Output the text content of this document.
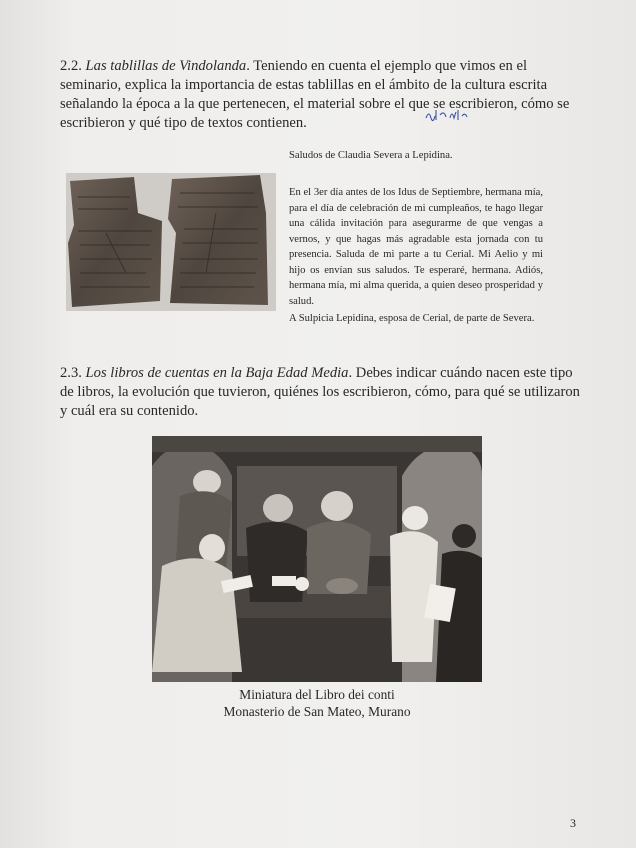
2.2. Las tablillas de Vindolanda. Teniendo en cuenta el ejemplo que vimos en el seminario, explica la importancia de estas tablillas en el ámbito de la cultura escrita señalando la época a la que pertenecen, el material sobre el que se escribieron, cómo se escribieron y qué tipo de textos contienen.
Saludos de Claudia Severa a Lepidina.
En el 3er día antes de los Idus de Septiembre, hermana mía, para el día de celebración de mi cumpleaños, te hago llegar una cálida invitación para asegurarme de que vengas a vernos, y que hagas más agradable esta jornada con tu presencia. Saluda de mi parte a tu Cerial. Mi Aelio y mi hijo os envían sus saludos. Te esperaré, hermana. Adiós, hermana mía, mi alma querida, a quien deseo prosperidad y salud.
A Sulpicia Lepidina, esposa de Cerial, de parte de Severa.
2.3. Los libros de cuentas en la Baja Edad Media. Debes indicar cuándo nacen este tipo de libros, la evolución que tuvieron, quiénes los escribieron, cómo, para qué se utilizaron y cuál era su contenido.
Miniatura del Libro dei conti
Monasterio de San Mateo, Murano
3
